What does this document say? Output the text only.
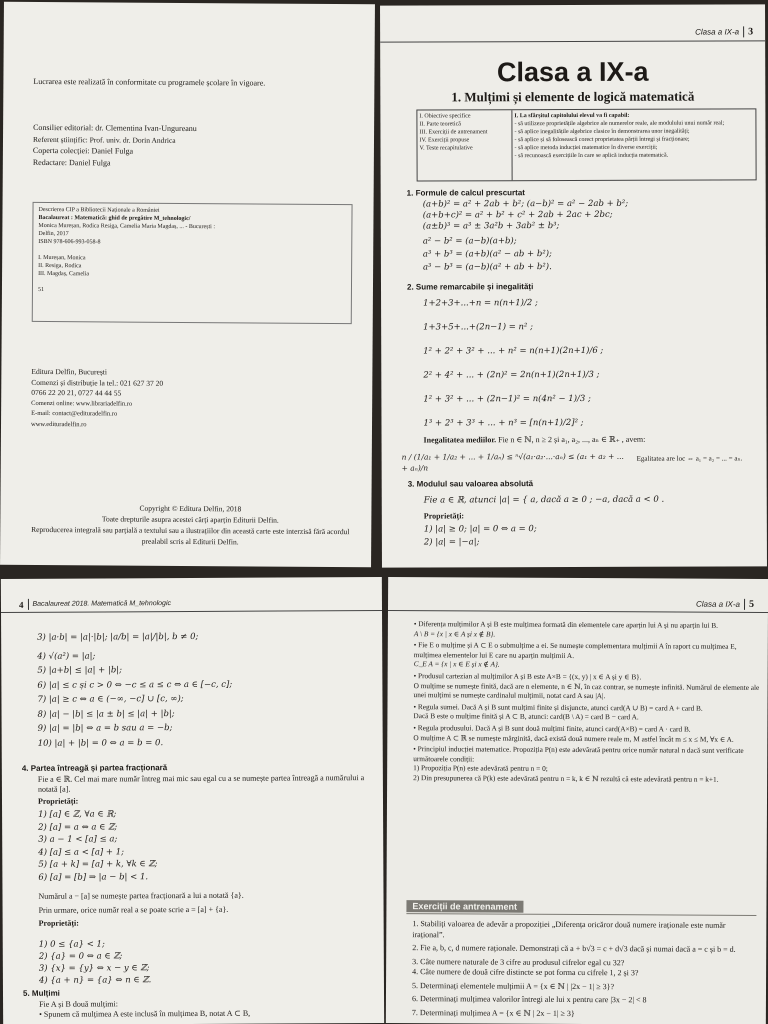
Lucrarea este realizată în conformitate cu programele școlare în vigoare.
Consilier editorial: dr. Clementina Ivan-Ungureanu
Referent științific: Prof. univ. dr. Dorin Andrica
Coperta colecției: Daniel Fulga
Redactare: Daniel Fulga
Descrierea CIP a Bibliotecii Naționale a României
Bacalaureat : Matematică: ghid de pregătire M_tehnologic/
Monica Mureșan, Rodica Resiga, Camelia Maria Magdaș, ... - București :
Delfin, 2017
ISBN 978-606-993-058-8
I. Mureșan, Monica
II. Resiga, Rodica
III. Magdaș, Camelia
51
Editura Delfin, București
Comenzi și distribuție la tel.: 021 627 37 20
0766 22 20 21, 0727 44 44 55
Comenzi online: www.librariadelfin.ro
E-mail: contact@edituradelfin.ro
www.edituradelfin.ro
Copyright © Editura Delfin, 2018
Toate drepturile asupra acestei cărți aparțin Editurii Delfin.
Reproducerea integrală sau parțială a textului sau a ilustrațiilor din această carte este interzisă fără acordul prealabil scris al Editurii Delfin.
Clasa a IX-a 3
Clasa a IX-a
1. Mulțimi și elemente de logică matematică
I. Obiective specifice
II. Parte teoretică
III. Exerciții de antrenament
IV. Exerciții propuse
V. Teste recapitulative
I. La sfârșitul capitolului elevul va fi capabil:
- să utilizeze proprietățile algebrice ale numerelor reale, ale modulului unui număr real;
- să aplice inegalitățile algebrice clasice în demonstrarea unor inegalități;
- să aplice și să folosească corect proprietatea părții întregi și fracționare;
- să aplice metoda inducției matematice în diverse exerciții;
- să recunoască exercițiile în care se aplică inducția matematică.
1. Formule de calcul prescurtat
(a+b)² = a² + 2ab + b²; (a−b)² = a² − 2ab + b²;
(a+b+c)² = a² + b² + c² + 2ab + 2ac + 2bc;
(a±b)³ = a³ ± 3a²b + 3ab² ± b³;
a² − b² = (a−b)(a+b);
a³ + b³ = (a+b)(a² − ab + b²);
a³ − b³ = (a−b)(a² + ab + b²).
2. Sume remarcabile și inegalități
1+2+3+...+n = n(n+1)/2 ;
1+3+5+...+(2n−1) = n² ;
1² + 2² + 3² + ... + n² = n(n+1)(2n+1)/6 ;
2² + 4² + ... + (2n)² = 2n(n+1)(2n+1)/3 ;
1² + 3² + ... + (2n−1)² = n(4n² − 1)/3 ;
1³ + 2³ + 3³ + ... + n³ = [n(n+1)/2]² ;
Inegalitatea mediilor. Fie n ∈ ℕ, n ≥ 2 și a₁, a₂, ..., aₙ ∈ ℝ₊ , avem:
n / (1/a₁ + 1/a₂ + ... + 1/aₙ) ≤ ⁿ√(a₁·a₂·...·aₙ) ≤ (a₁ + a₂ + ... + aₙ)/n
Egalitatea are loc ⇔ a₁ = a₂ = ... = aₙ.
3. Modulul sau valoarea absolută
Fie a ∈ ℝ, atunci |a| = { a, dacă a ≥ 0 ; −a, dacă a < 0 .
Proprietăți:
1) |a| ≥ 0; |a| = 0 ⇔ a = 0;
2) |a| = |−a|;
4 Bacalaureat 2018. Matematică M_tehnologic
3) |a·b| = |a|·|b|; |a/b| = |a|/|b|, b ≠ 0;
4) √(a²) = |a|;
5) |a+b| ≤ |a| + |b|;
6) |a| ≤ c și c > 0 ⇔ −c ≤ a ≤ c ⇔ a ∈ [−c, c];
7) |a| ≥ c ⇔ a ∈ (−∞, −c] ∪ [c, ∞);
8) |a| − |b| ≤ |a ± b| ≤ |a| + |b|;
9) |a| = |b| ⇔ a = b sau a = −b;
10) |a| + |b| = 0 ⇔ a = b = 0.
4. Partea întreagă și partea fracționară
Fie a ∈ ℝ. Cel mai mare număr întreg mai mic sau egal cu a se numește partea întreagă a numărului a notată [a].
Proprietăți:
1) [a] ∈ ℤ, ∀a ∈ ℝ;
2) [a] = a ⇔ a ∈ ℤ;
3) a − 1 < [a] ≤ a;
4) [a] ≤ a < [a] + 1;
5) [a + k] = [a] + k, ∀k ∈ ℤ;
6) [a] = [b] ⇒ |a − b| < 1.
Numărul a − [a] se numește partea fracționară a lui a notată {a}.
Prin urmare, orice număr real a se poate scrie a = [a] + {a}.
Proprietăți:
1) 0 ≤ {a} < 1;
2) {a} = 0 ⇔ a ∈ ℤ;
3) {x} = {y} ⇔ x − y ∈ ℤ;
4) {a + n} = {a} ⇔ n ∈ ℤ.
5. Mulțimi
Fie A și B două mulțimi:
• Spunem că mulțimea A este inclusă în mulțimea B, notat A ⊂ B,
Clasa a IX-a 5
• Diferența mulțimilor A și B este mulțimea formată din elementele care aparțin lui A și nu aparțin lui B.
A \ B = {x | x ∈ A și x ∉ B}.
• Fie E o mulțime și A ⊂ E o submulțime a ei. Se numește complementara mulțimii A în raport cu mulțimea E, mulțimea elementelor lui E care nu aparțin mulțimii A.
C_E A = {x | x ∈ E și x ∉ A}.
• Produsul cartezian al mulțimilor A și B este A×B = {(x, y) | x ∈ A și y ∈ B}.
O mulțime se numește finită, dacă are n elemente, n ∈ ℕ, în caz contrar, se numește infinită. Numărul de elemente ale unei mulțimi se numește cardinalul mulțimii, notat card A sau |A|.
• Regula sumei. Dacă A și B sunt mulțimi finite și disjuncte, atunci card(A ∪ B) = card A + card B.
Dacă B este o mulțime finită și A ⊂ B, atunci: card(B \ A) = card B − card A.
• Regula produsului. Dacă A și B sunt două mulțimi finite, atunci card(A×B) = card A · card B.
O mulțime A ⊂ ℝ se numește mărginită, dacă există două numere reale m, M astfel încât m ≤ x ≤ M, ∀x ∈ A.
• Principiul inducției matematice. Propoziția P(n) este adevărată pentru orice număr natural n dacă sunt verificate următoarele condiții:
1) Propoziția P(n) este adevărată pentru n = 0;
2) Din presupunerea că P(k) este adevărată pentru n = k, k ∈ ℕ rezultă că este adevărată pentru n = k+1.
Exerciții de antrenament
1. Stabiliți valoarea de adevăr a propoziției „Diferența oricăror două numere iraționale este număr irațional”.
2. Fie a, b, c, d numere raționale. Demonstrați că a + b√3 = c + d√3 dacă și numai dacă a = c și b = d.
3. Câte numere naturale de 3 cifre au produsul cifrelor egal cu 32?
4. Câte numere de două cifre distincte se pot forma cu cifrele 1, 2 și 3?
5. Determinați elementele mulțimii A = {x ∈ ℕ | |2x − 1| ≥ 3}?
6. Determinați mulțimea valorilor întregi ale lui x pentru care |3x − 2| < 8
7. Determinați mulțimea A = {x ∈ ℕ | 2x − 1| ≥ 3}
